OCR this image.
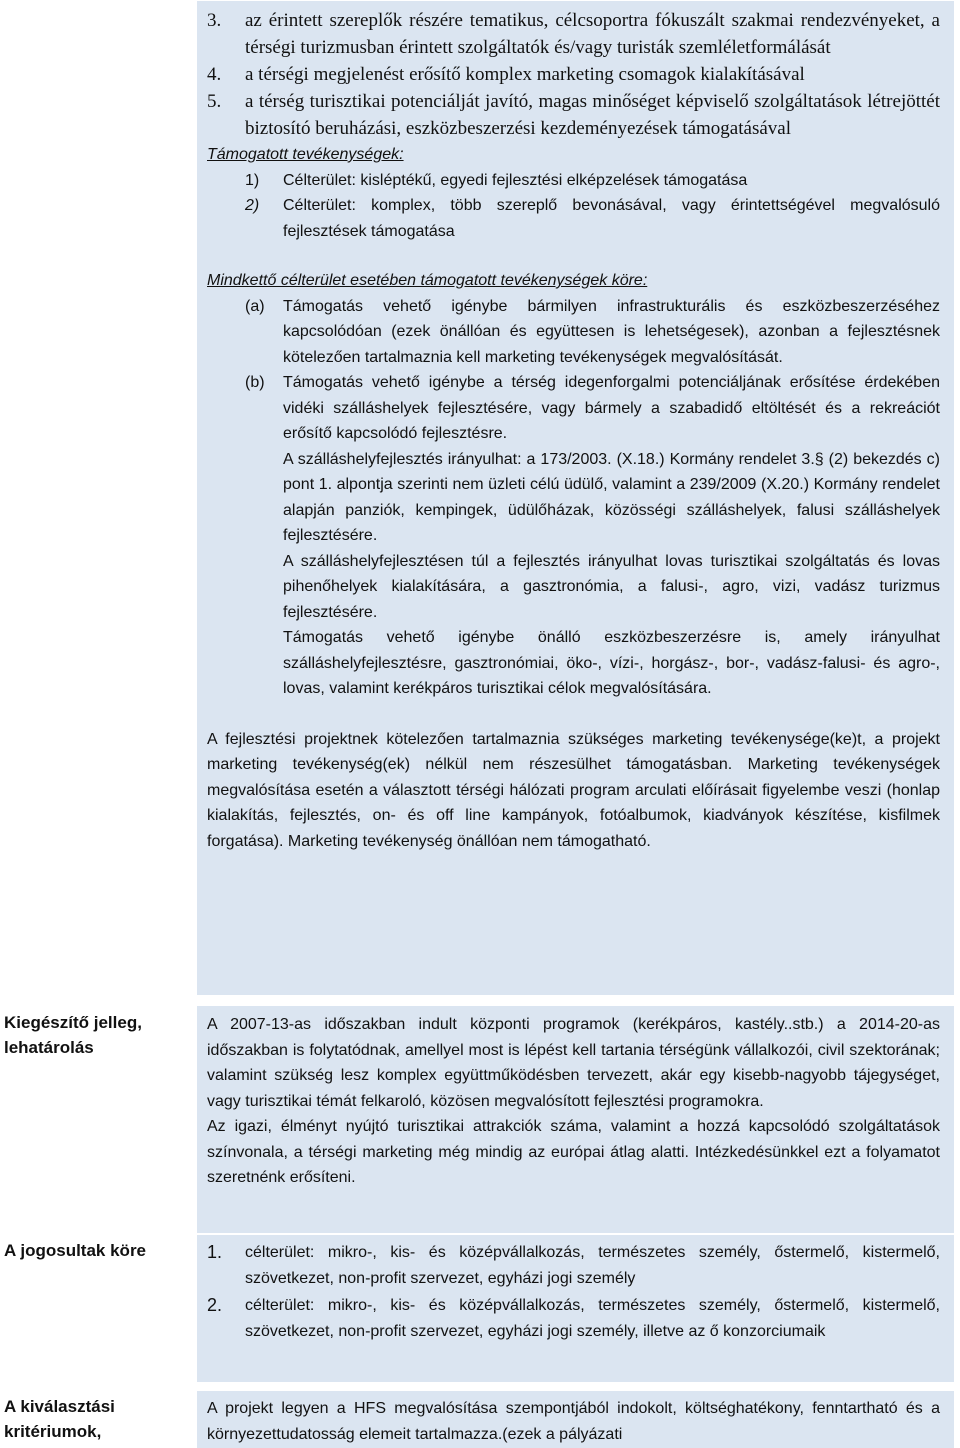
3.	az érintett szereplők részére tematikus, célcsoportra fókuszált szakmai rendezvényeket, a térségi turizmusban érintett szolgáltatók és/vagy turisták szemléletformálását
4.	a térségi megjelenést erősítő komplex marketing csomagok kialakításával
5.	a térség turisztikai potenciálját javító, magas minőséget képviselő szolgáltatások létrejöttét biztosító beruházási, eszközbeszerzési kezdeményezések támogatásával
Támogatott tevékenységek:
1)	Célterület: kisléptékű, egyedi fejlesztési elképzelések támogatása
2)	Célterület: komplex, több szereplő bevonásával, vagy érintettségével megvalósuló fejlesztések támogatása
Mindkettő célterület esetében támogatott tevékenységek köre:
(a)	Támogatás vehető igénybe bármilyen infrastrukturális és eszközbeszerzéséhez kapcsolódóan (ezek önállóan és együttesen is lehetségesek), azonban a fejlesztésnek kötelezően tartalmaznia kell marketing tevékenységek megvalósítását.
(b)	Támogatás vehető igénybe a térség idegenforgalmi potenciáljának erősítése érdekében vidéki szálláshelyek fejlesztésére, vagy bármely a szabadidő eltöltését és a rekreációt erősítő kapcsolódó fejlesztésre.
A szálláshelyfejlesztés irányulhat: a 173/2003. (X.18.) Kormány rendelet 3.§ (2) bekezdés c) pont 1. alpontja szerinti nem üzleti célú üdülő, valamint a 239/2009 (X.20.) Kormány rendelet alapján panziók, kempingek, üdülőházak, közösségi szálláshelyek, falusi szálláshelyek fejlesztésére.
A szálláshelyfejlesztésen túl a fejlesztés irányulhat lovas turisztikai szolgáltatás és lovas pihenőhelyek kialakítására, a gasztronómia, a falusi-, agro, vizi, vadász turizmus fejlesztésére.
Támogatás vehető igénybe önálló eszközbeszerzésre is, amely irányulhat szálláshelyfejlesztésre, gasztronómiai, öko-, vízi-, horgász-, bor-, vadász-falusi- és agro-, lovas, valamint kerékpáros turisztikai célok megvalósítására.
A fejlesztési projektnek kötelezően tartalmaznia szükséges marketing tevékenysége(ke)t, a projekt marketing tevékenység(ek) nélkül nem részesülhet támogatásban. Marketing tevékenységek megvalósítása esetén a választott térségi hálózati program arculati előírásait figyelembe veszi (honlap kialakítás, fejlesztés, on- és off line kampányok, fotóalbumok, kiadványok készítése, kisfilmek forgatása). Marketing tevékenység önállóan nem támogatható.
Kiegészítő jelleg, lehatárolás
A 2007-13-as időszakban indult központi programok (kerékpáros, kastély..stb.) a 2014-20-as időszakban is folytatódnak, amellyel most is lépést kell tartania térségünk vállalkozói, civil szektorának; valamint szükség lesz komplex együttműködésben tervezett, akár egy kisebb-nagyobb tájegységet, vagy turisztikai témát felkaroló, közösen megvalósított fejlesztési programokra.
Az igazi, élményt nyújtó turisztikai attrakciók száma, valamint a hozzá kapcsolódó szolgáltatások színvonala, a térségi marketing még mindig az európai átlag alatti. Intézkedésünkkel ezt a folyamatot szeretnénk erősíteni.
A jogosultak köre	1.	célterület: mikro-, kis- és középvállalkozás, természetes személy, őstermelő, kistermelő, szövetkezet, non-profit szervezet, egyházi jogi személy
2.	célterület: mikro-, kis- és középvállalkozás, természetes személy, őstermelő, kistermelő, szövetkezet, non-profit szervezet, egyházi jogi személy, illetve az ő konzorciumaik
A kiválasztási kritériumok,
A projekt legyen a HFS megvalósítása szempontjából indokolt, költséghatékony, fenntartható és a környezettudatosság elemeit tartalmazza.(ezek a pályázati
